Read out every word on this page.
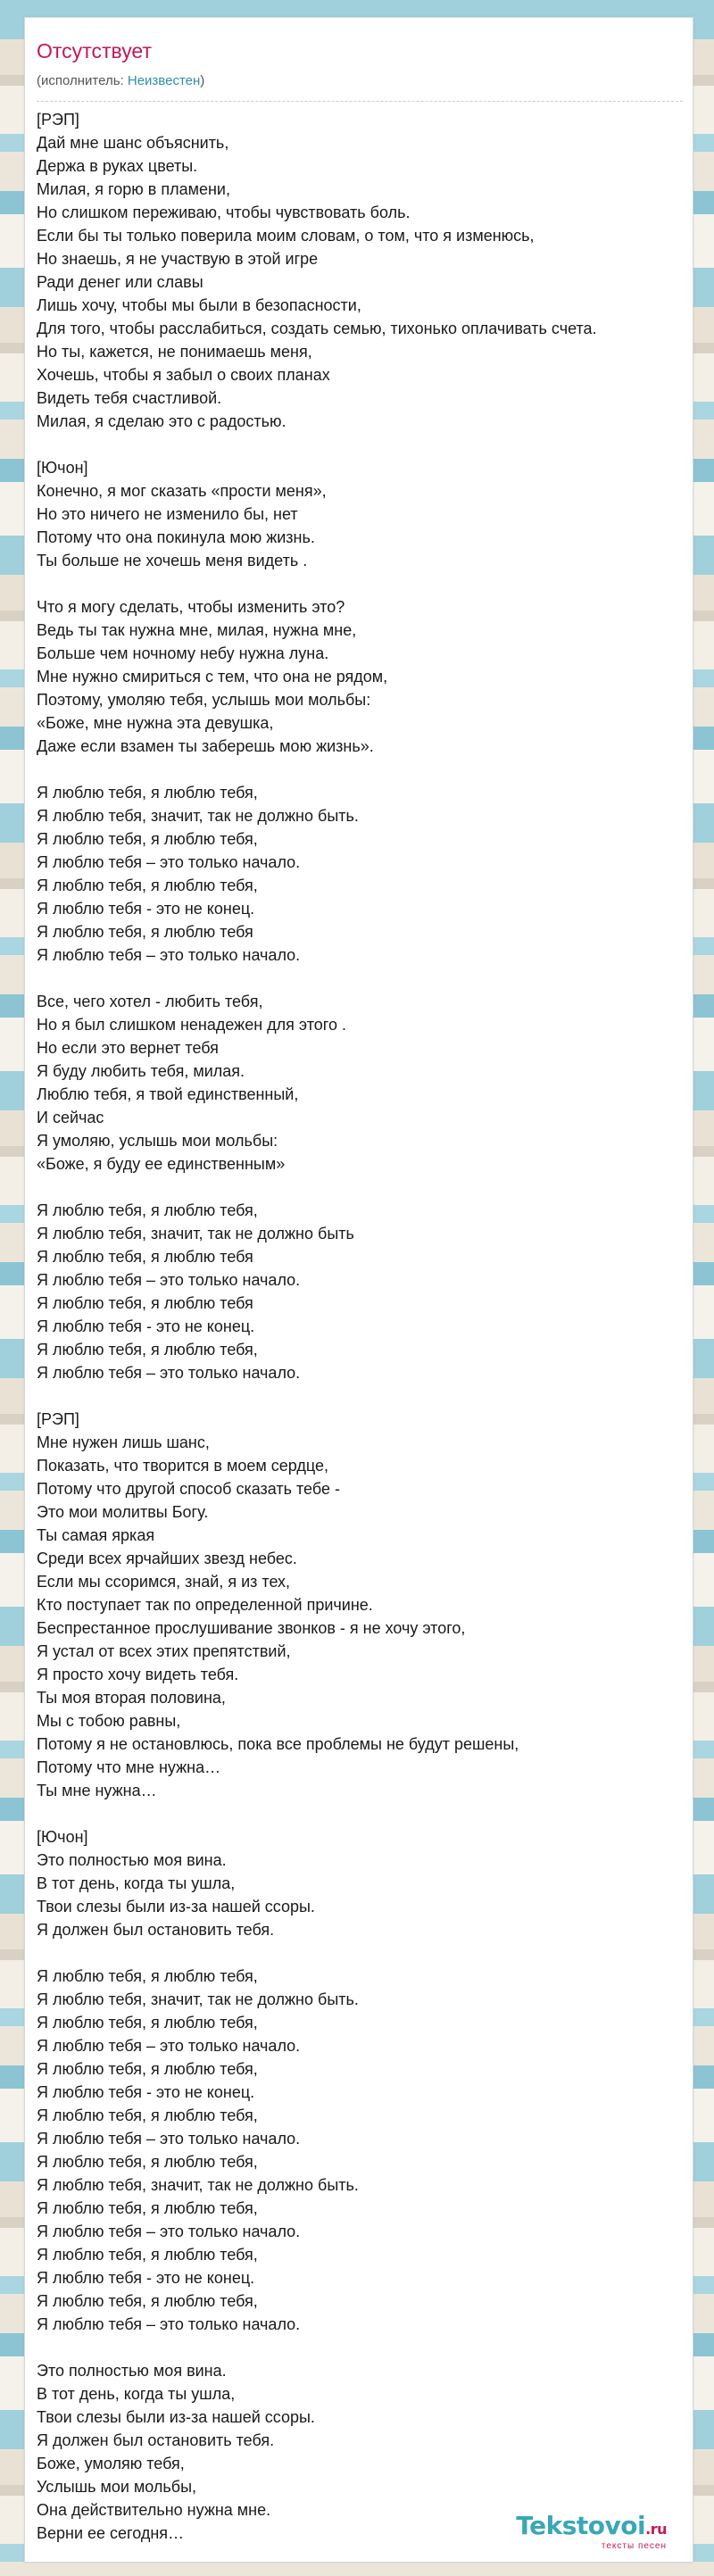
Отсутствует
(исполнитель: Неизвестен)
[РЭП]
Дай мне шанс объяснить,
Держа в руках цветы.
Милая, я горю в пламени,
Но слишком переживаю, чтобы чувствовать боль.
Если бы ты только поверила моим словам, о том, что я изменюсь,
Но знаешь, я не участвую в этой игре
Ради денег или славы
Лишь хочу, чтобы мы были в безопасности,
Для того, чтобы расслабиться, создать семью, тихонько оплачивать счета.
Но ты, кажется, не понимаешь меня,
Хочешь, чтобы я забыл о своих планах
Видеть тебя счастливой.
Милая, я сделаю это с радостью.
[Ючон]
Конечно, я мог сказать «прости меня»,
Но это ничего не изменило бы, нет
Потому что она покинула мою жизнь.
Ты больше не хочешь меня видеть .
Что я могу сделать, чтобы изменить это?
Ведь ты так нужна мне, милая, нужна мне,
Больше чем ночному небу нужна луна.
Мне нужно смириться с тем, что она не рядом,
Поэтому, умоляю тебя, услышь мои мольбы:
«Боже, мне нужна эта девушка,
Даже если взамен ты заберешь мою жизнь».
Я люблю тебя, я люблю тебя,
Я люблю тебя, значит, так не должно быть.
Я люблю тебя, я люблю тебя,
Я люблю тебя – это только начало.
Я люблю тебя, я люблю тебя,
Я люблю тебя - это не конец.
Я люблю тебя, я люблю тебя
Я люблю тебя – это только начало.
Все, чего хотел - любить тебя,
Но я был слишком ненадежен для этого .
Но если это вернет тебя
Я буду любить тебя, милая.
Люблю тебя, я твой единственный,
И сейчас
Я умоляю, услышь мои мольбы:
«Боже, я буду ее единственным»
Я люблю тебя, я люблю тебя,
Я люблю тебя, значит, так не должно быть
Я люблю тебя, я люблю тебя
Я люблю тебя – это только начало.
Я люблю тебя, я люблю тебя
Я люблю тебя - это не конец.
Я люблю тебя, я люблю тебя,
Я люблю тебя – это только начало.
[РЭП]
Мне нужен лишь шанс,
Показать, что творится в моем сердце,
Потому что другой способ сказать тебе -
Это мои молитвы Богу.
Ты самая яркая
Среди всех ярчайших звезд небес.
Если мы ссоримся, знай, я из тех,
Кто поступает так по определенной причине.
Беспрестанное прослушивание звонков - я не хочу этого,
Я устал от всех этих препятствий,
Я просто хочу видеть тебя.
Ты моя вторая половина,
Мы с тобою равны,
Потому я не остановлюсь, пока все проблемы не будут решены,
Потому что мне нужна…
Ты мне нужна…
[Ючон]
Это полностью моя вина.
В тот день, когда ты ушла,
Твои слезы были из-за нашей ссоры.
Я должен был остановить тебя.
Я люблю тебя, я люблю тебя,
Я люблю тебя, значит, так не должно быть.
Я люблю тебя, я люблю тебя,
Я люблю тебя – это только начало.
Я люблю тебя, я люблю тебя,
Я люблю тебя - это не конец.
Я люблю тебя, я люблю тебя,
Я люблю тебя – это только начало.
Я люблю тебя, я люблю тебя,
Я люблю тебя, значит, так не должно быть.
Я люблю тебя, я люблю тебя,
Я люблю тебя – это только начало.
Я люблю тебя, я люблю тебя,
Я люблю тебя - это не конец.
Я люблю тебя, я люблю тебя,
Я люблю тебя – это только начало.
Это полностью моя вина.
В тот день, когда ты ушла,
Твои слезы были из-за нашей ссоры.
Я должен был остановить тебя.
Боже, умоляю тебя,
Услышь мои мольбы,
Она действительно нужна мне.
Верни ее сегодня…	Tekstovoi.ru
тексты песен
